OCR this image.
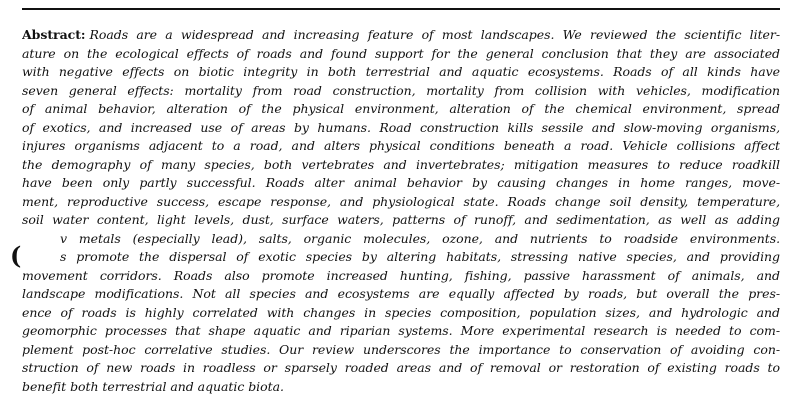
(
Abstract: Roads are a widespread and increasing feature of most landscapes. We reviewed the scientific liter-
ature on the ecological effects of roads and found support for the general conclusion that they are associated
with negative effects on biotic integrity in both terrestrial and aquatic ecosystems. Roads of all kinds have
seven general effects: mortality from road construction, mortality from collision with vehicles, modification
of animal behavior, alteration of the physical environment, alteration of the chemical environment, spread
of exotics, and increased use of areas by humans. Road construction kills sessile and slow-moving organisms,
injures organisms adjacent to a road, and alters physical conditions beneath a road. Vehicle collisions affect
the demography of many species, both vertebrates and invertebrates; mitigation measures to reduce roadkill
have been only partly successful. Roads alter animal behavior by causing changes in home ranges, move-
ment, reproductive success, escape response, and physiological state. Roads change soil density, temperature,
soil water content, light levels, dust, surface waters, patterns of runoff, and sedimentation, as well as adding
v metals (especially lead), salts, organic molecules, ozone, and nutrients to roadside environments.
s promote the dispersal of exotic species by altering habitats, stressing native species, and providing
movement corridors. Roads also promote increased hunting, fishing, passive harassment of animals, and
landscape modifications. Not all species and ecosystems are equally affected by roads, but overall the pres-
ence of roads is highly correlated with changes in species composition, population sizes, and hydrologic and
geomorphic processes that shape aquatic and riparian systems. More experimental research is needed to com-
plement post-hoc correlative studies. Our review underscores the importance to conservation of avoiding con-
struction of new roads in roadless or sparsely roaded areas and of removal or restoration of existing roads to
benefit both terrestrial and aquatic biota.
